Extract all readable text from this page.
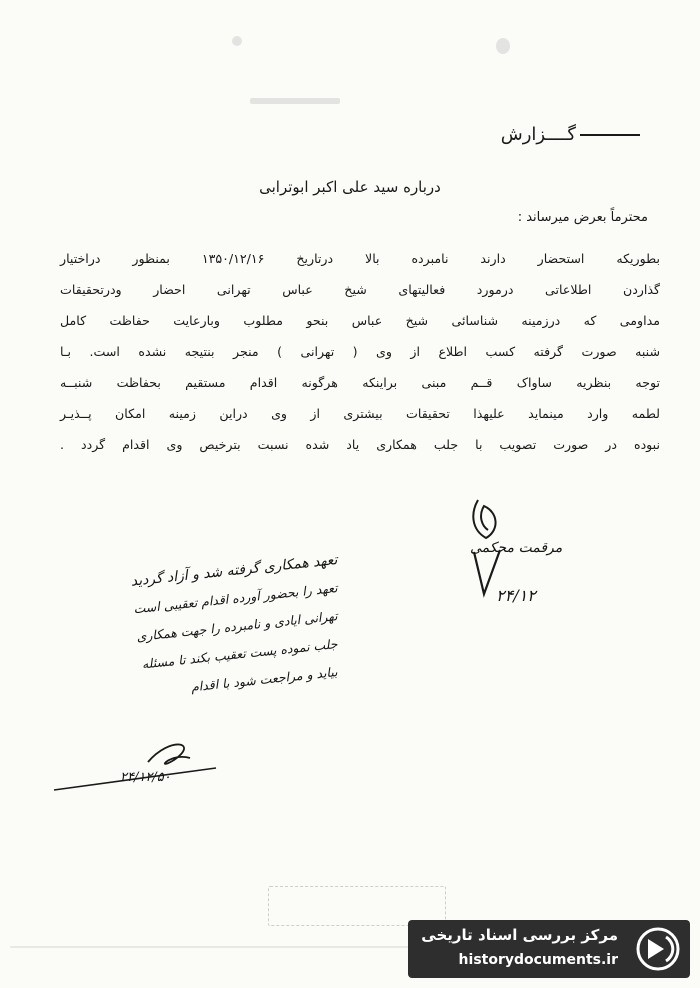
گــــزارش
درباره سید علی اکبر ابوترابی
محترماً بعرض میرساند :
بطوریکه استحضار دارند نامبرده بالا درتاریخ ۱۳۵۰/۱۲/۱۶ بمنظور دراختیار
گذاردن اطلاعاتی درمورد فعالیتهای شیخ عباس تهرانی احضار ودرتحقیقات
مداومی که درزمینه شناسائی شیخ عباس بنحو مطلوب وبارعایت حفاظت کامل
شنبه صورت گرفته کسب اطلاع از وی ( تهرانی ) منجر بنتیجه نشده است. بـا
توجه بنظریه ساواک قــم مبنی براینکه هرگونه اقدام مستقیم بحفاظت شنبــه
لطمه وارد مینماید علیهذا تحقیقات بیشتری از وی دراین زمینه امکان پــذیـر
نبوده در صورت تصویب با جلب همکاری یاد شده نسبت بترخیص وی اقدام گردد .
مرقمت محکمی
۲۴/۱۲
تعهد همکاری گرفته شد و آزاد گردید
تعهد را بحضور آورده اقدام تعقیبی است
تهرانی ایادی و نامبرده را جهت همکاری
جلب نموده پست تعقیب بکند تا مسئله
بیاید و مراجعت شود با اقدام
۲۴/۱۲/۵۰
مرکز بررسی اسناد تاریخی
historydocuments.ir
